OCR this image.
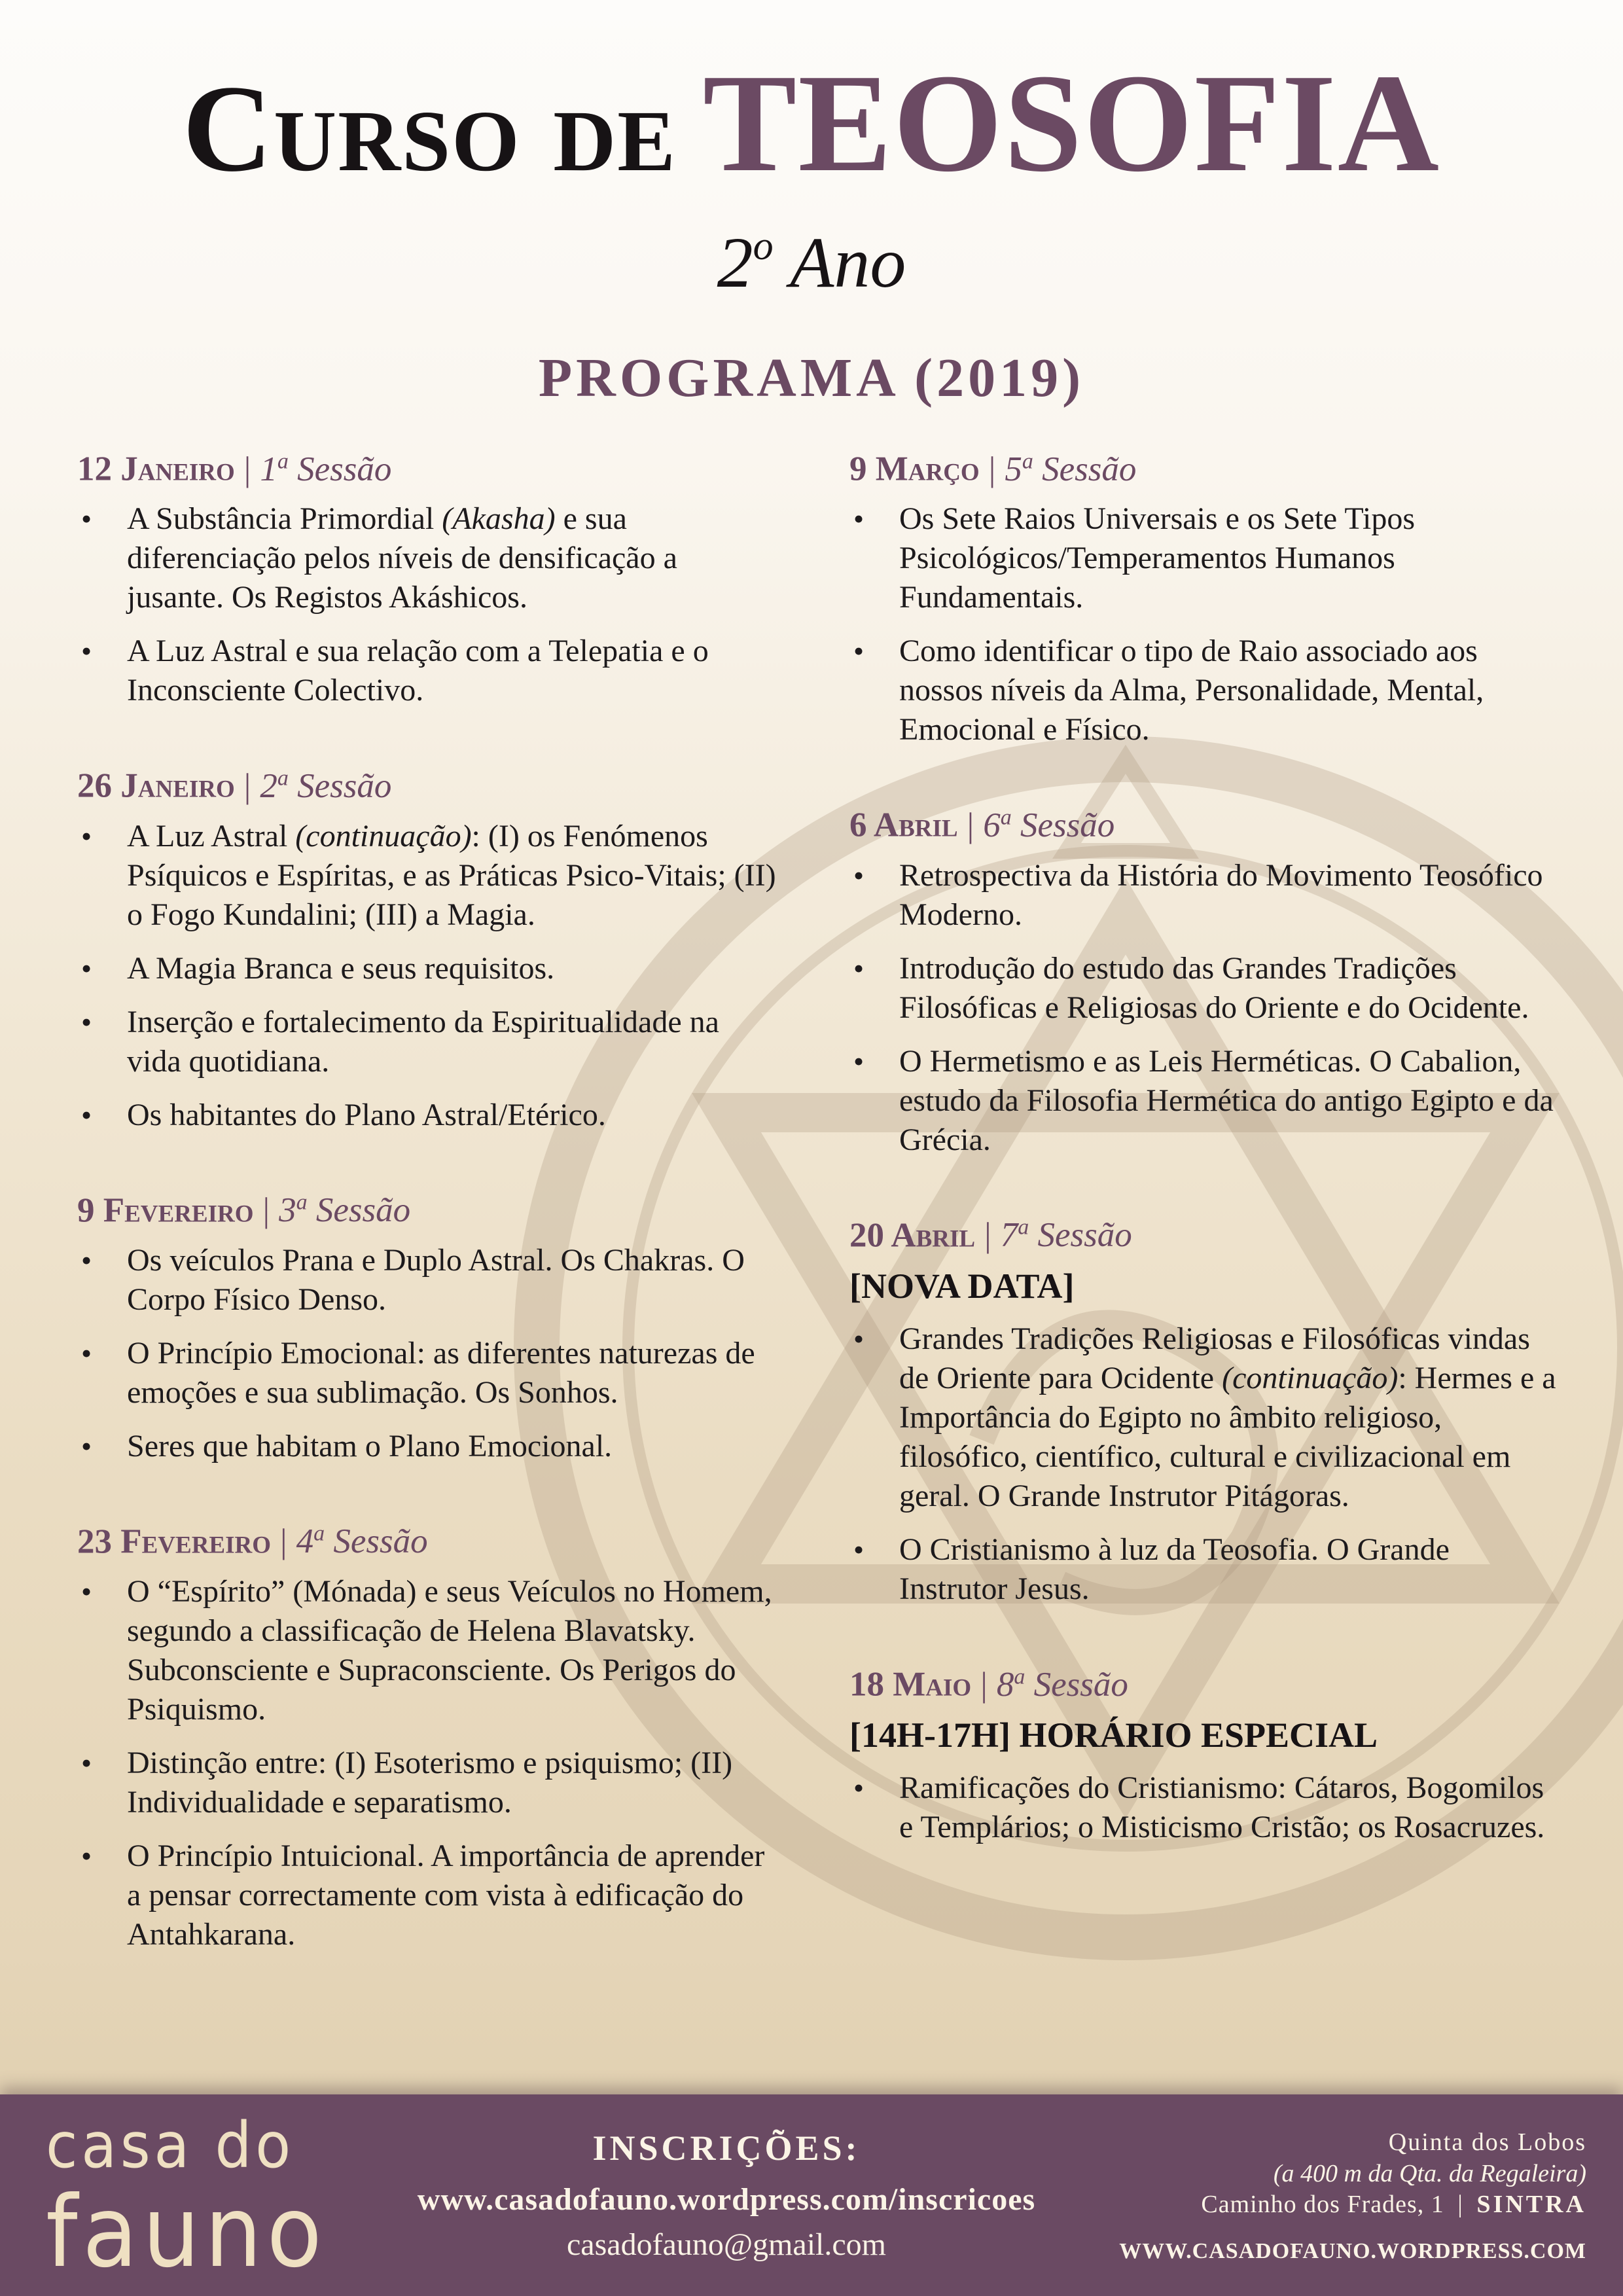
Curso de TEOSOFIA
2$^o$ Ano
PROGRAMA (2019)
12 Janeiro | 1$^a$ Sessão
• A Substância Primordial (Akasha) e sua diferenciação pelos níveis de densificação a jusante. Os Registos Akáshicos.
• A Luz Astral e sua relação com a Telepatia e o Inconsciente Colectivo.
26 Janeiro | 2$^a$ Sessão
• A Luz Astral (continuação): (I) os Fenómenos Psíquicos e Espíritas, e as Práticas Psico-Vitais; (II) o Fogo Kundalini; (III) a Magia.
• A Magia Branca e seus requisitos.
• Inserção e fortalecimento da Espiritualidade na vida quotidiana.
• Os habitantes do Plano Astral/Etérico.
9 Fevereiro | 3$^a$ Sessão
• Os veículos Prana e Duplo Astral. Os Chakras. O Corpo Físico Denso.
• O Princípio Emocional: as diferentes naturezas de emoções e sua sublimação. Os Sonhos.
• Seres que habitam o Plano Emocional.
23 Fevereiro | 4$^a$ Sessão
• O “Espírito” (Mónada) e seus Veículos no Homem, segundo a classificação de Helena Blavatsky. Subconsciente e Supraconsciente. Os Perigos do Psiquismo.
• Distinção entre: (I) Esoterismo e psiquismo; (II) Individualidade e separatismo.
• O Princípio Intuicional. A importância de aprender a pensar correctamente com vista à edificação do Antahkarana.
9 Março | 5$^a$ Sessão
• Os Sete Raios Universais e os Sete Tipos Psicológicos/Temperamentos Humanos Fundamentais.
• Como identificar o tipo de Raio associado aos nossos níveis da Alma, Personalidade, Mental, Emocional e Físico.
6 Abril | 6$^a$ Sessão
• Retrospectiva da História do Movimento Teosófico Moderno.
• Introdução do estudo das Grandes Tradições Filosóficas e Religiosas do Oriente e do Ocidente.
• O Hermetismo e as Leis Herméticas. O Cabalion, estudo da Filosofia Hermética do antigo Egipto e da Grécia.
20 Abril | 7$^a$ Sessão
[NOVA DATA]
• Grandes Tradições Religiosas e Filosóficas vindas de Oriente para Ocidente (continuação): Hermes e a Importância do Egipto no âmbito religioso, filosófico, científico, cultural e civilizacional em geral. O Grande Instrutor Pitágoras.
• O Cristianismo à luz da Teosofia. O Grande Instrutor Jesus.
18 Maio | 8$^a$ Sessão
[14H-17H] HORÁRIO ESPECIAL
• Ramificações do Cristianismo: Cátaros, Bogomilos e Templários; o Misticismo Cristão; os Rosacruzes.
casa do
fauno
INSCRIÇÕES:
www.casadofauno.wordpress.com/inscricoes
casadofauno@gmail.com
Quinta dos Lobos
(a 400 m da Qta. da Regaleira)
Caminho dos Frades, 1 | SINTRA
WWW.CASADOFAUNO.WORDPRESS.COM
